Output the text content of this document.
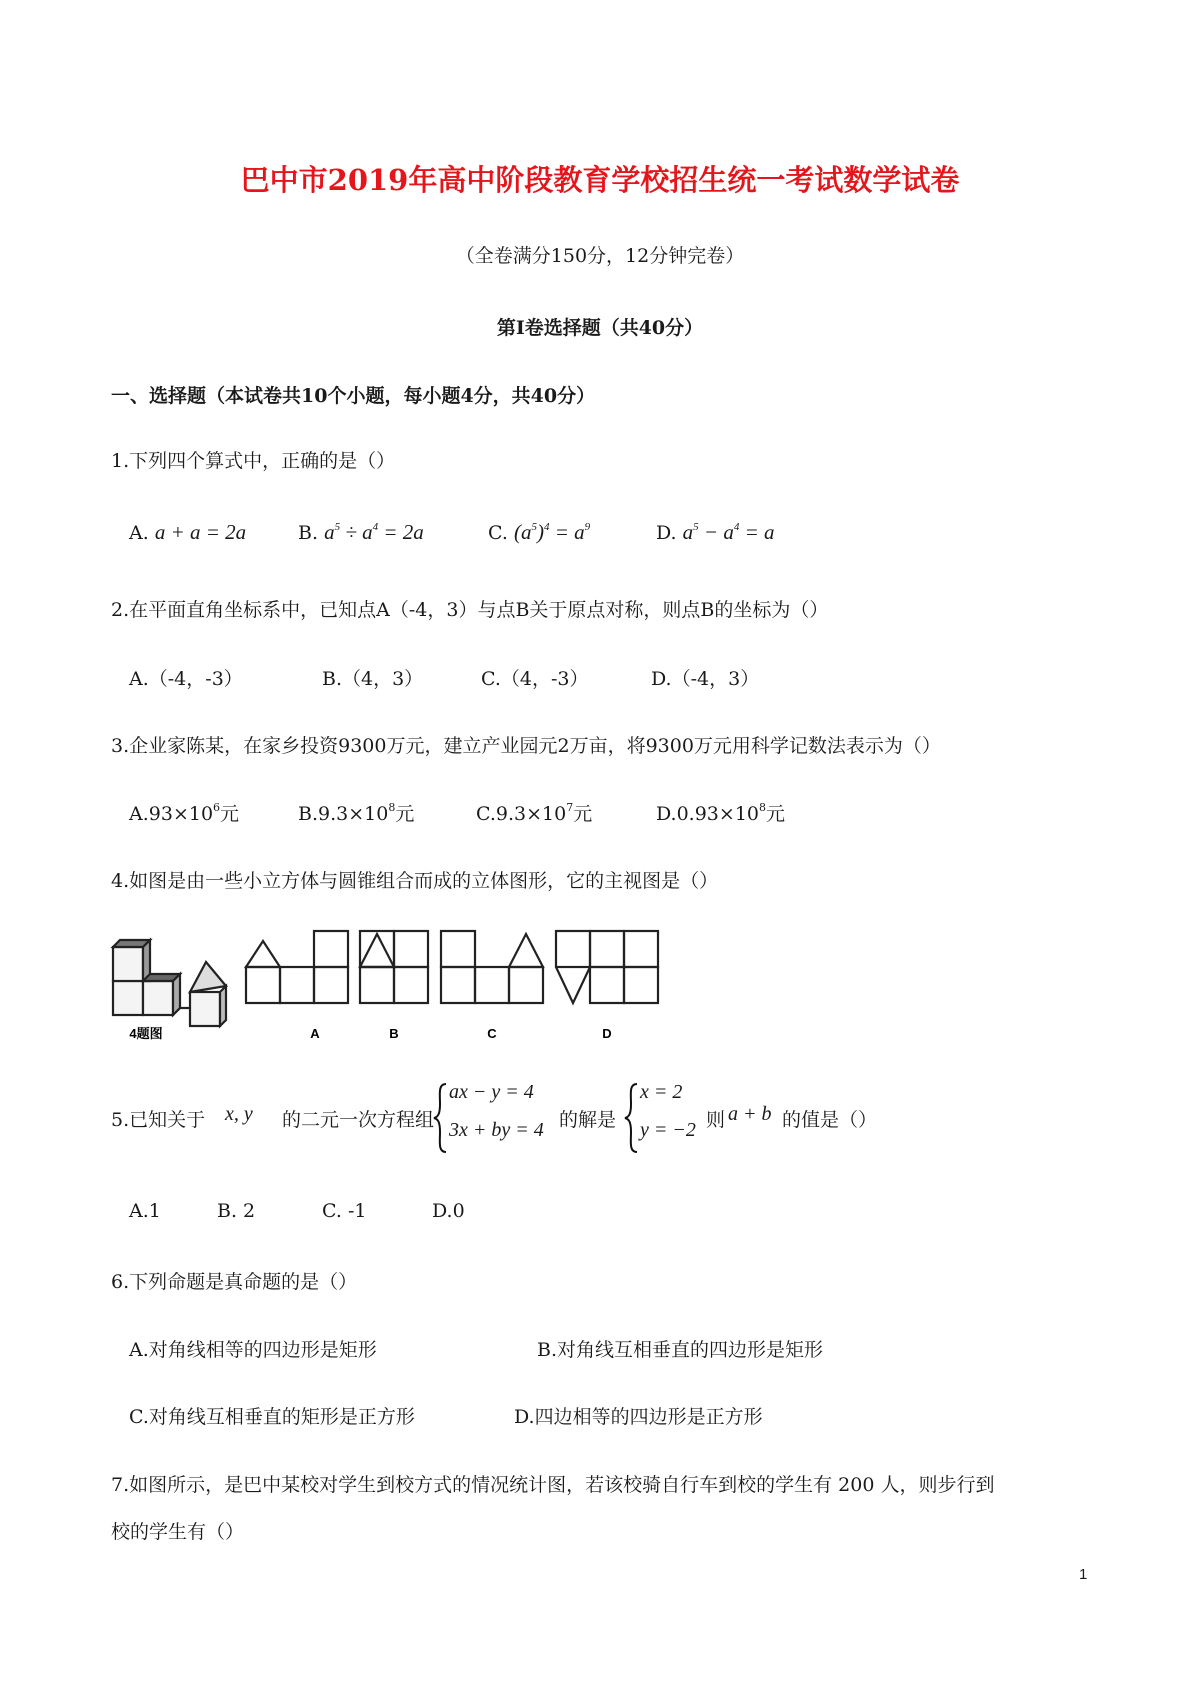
巴中市2019年高中阶段教育学校招生统一考试数学试卷
（全卷满分150分，12分钟完卷）
第Ⅰ卷选择题（共40分）
一、选择题（本试卷共10个小题，每小题4分，共40分）
1.下列四个算式中，正确的是（）
A. a + a = 2a	B. $a^5 \div a^4 = 2a$	C. $(a^5)^4 = a^9$	D. $a^5 - a^4 = a$
2.在平面直角坐标系中，已知点A（-4，3）与点B关于原点对称，则点B的坐标为（）
A.（-4，-3）	B.（4，3）	C.（4，-3）	D.（-4，3）
3.企业家陈某，在家乡投资9300万元，建立产业园元2万亩，将9300万元用科学记数法表示为（）
$A.93\times 10^6$元	$B.9.3\times 10^8$元	$C.9.3\times 10^7$元	$D.0.93\times 10^8$元
4.如图是由一些小立方体与圆锥组合而成的立体图形，它的主视图是（）
4题图	A	B	C	D
5.已知关于 x, y 的二元一次方程组
ax − y = 4
3x + by = 4 的解是
x = 2
y = −2 则 a + b 的值是（）
A.1	B. 2	C. -1	D.0
6.下列命题是真命题的是（）
A.对角线相等的四边形是矩形	B.对角线互相垂直的四边形是矩形
C.对角线互相垂直的矩形是正方形	D.四边相等的四边形是正方形
7.如图所示，是巴中某校对学生到校方式的情况统计图，若该校骑自行车到校的学生有 200 人，则步行到
校的学生有（）
1
